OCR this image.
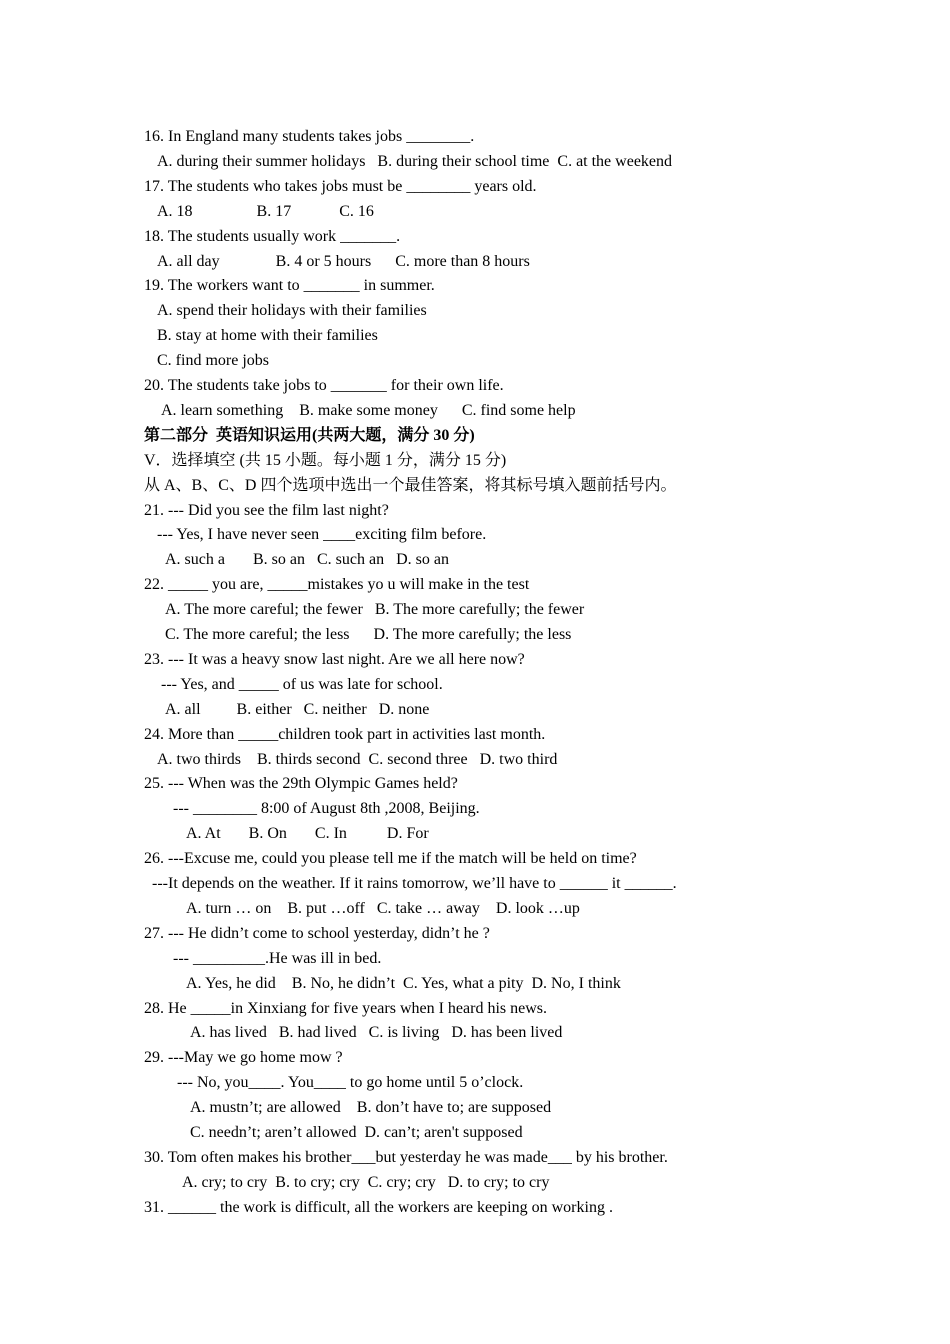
16. In England many students takes jobs ________.
A. during their summer holidays   B. during their school time  C. at the weekend
17. The students who takes jobs must be ________ years old.
A. 18                B. 17            C. 16
18. The students usually work _______.
A. all day              B. 4 or 5 hours      C. more than 8 hours
19. The workers want to _______ in summer.
A. spend their holidays with their families
B. stay at home with their families
C. find more jobs
20. The students take jobs to _______ for their own life.
A. learn something    B. make some money      C. find some help
第二部分  英语知识运用(共两大题，满分 30 分)
V．选择填空 (共 15 小题。每小题 1 分，满分 15 分)
从 A、B、C、D 四个选项中选出一个最佳答案，将其标号填入题前括号内。
21. --- Did you see the film last night?
--- Yes, I have never seen ____exciting film before.
A. such a       B. so an   C. such an   D. so an
22. _____ you are, _____mistakes yo u will make in the test
A. The more careful; the fewer   B. The more carefully; the fewer
C. The more careful; the less      D. The more carefully; the less
23. --- It was a heavy snow last night. Are we all here now?
--- Yes, and _____ of us was late for school.
A. all         B. either   C. neither   D. none
24. More than _____children took part in activities last month.
A. two thirds    B. thirds second  C. second three   D. two third
25. --- When was the 29th Olympic Games held?
--- ________ 8:00 of August 8th ,2008, Beijing.
A. At       B. On       C. In          D. For
26. ---Excuse me, could you please tell me if the match will be held on time?
---It depends on the weather. If it rains tomorrow, we’ll have to ______ it ______.
A. turn … on    B. put …off   C. take … away    D. look …up
27. --- He didn’t come to school yesterday, didn’t he ?
--- _________.He was ill in bed.
A. Yes, he did    B. No, he didn’t  C. Yes, what a pity  D. No, I think
28. He _____in Xinxiang for five years when I heard his news.
A. has lived   B. had lived   C. is living   D. has been lived
29. ---May we go home mow ?
--- No, you____. You____ to go home until 5 o’clock.
A. mustn’t; are allowed    B. don’t have to; are supposed
C. needn’t; aren’t allowed  D. can’t; aren't supposed
30. Tom often makes his brother___but yesterday he was made___ by his brother.
A. cry; to cry  B. to cry; cry  C. cry; cry   D. to cry; to cry
31. ______ the work is difficult, all the workers are keeping on working .
